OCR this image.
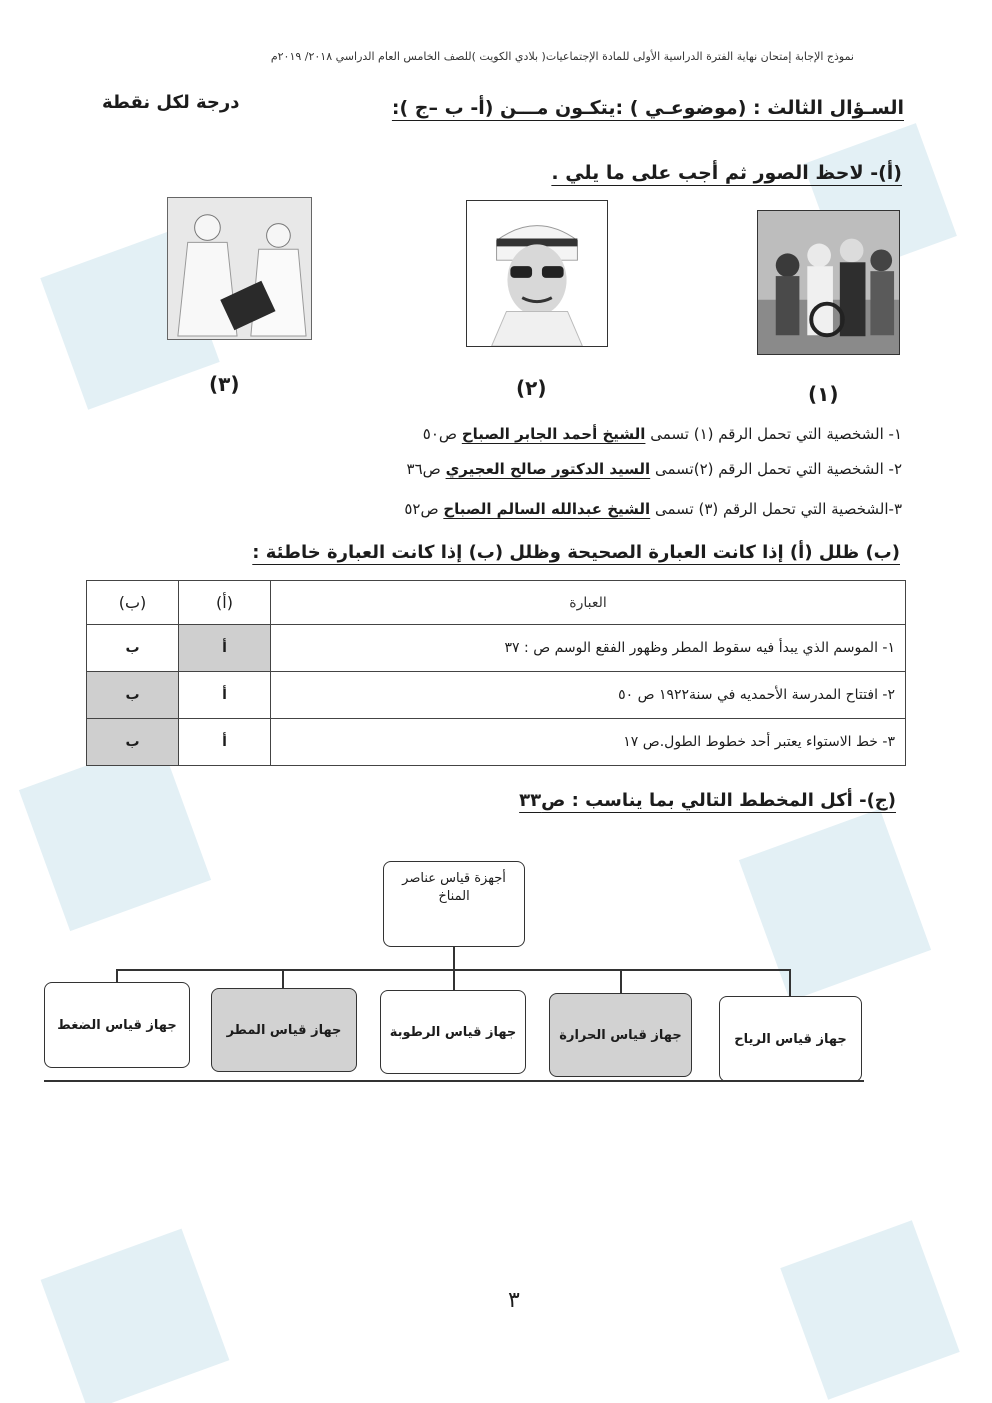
نموذج الإجابة إمتحان نهاية الفترة الدراسية الأولى للمادة الإجتماعيات( بلادي الكويت )للصف الخامس العام الدراسي ٢٠١٨/ ٢٠١٩م
السـؤال الثالث : (موضوعـي ) :يتكـون مـــن (أ- ب –ج ):
درجة لكل نقطة
(أ)- لاحظ الصور ثم أجب على ما يلي .
(١)
(٢)
(٣)
١- الشخصية التي تحمل الرقم (١) تسمى الشيخ أحمد الجابر الصباح ص٥٠
٢- الشخصية التي تحمل الرقم (٢)تسمى السيد الدكتور صالح العجيري ص٣٦
٣-الشخصية التي تحمل الرقم (٣) تسمى الشيخ عبدالله السالم الصباح ص٥٢
(ب) ظلل (أ) إذا كانت العبارة الصحيحة وظلل (ب) إذا كانت العبارة خاطئة :
العبارة	(أ)	(ب)
١- الموسم الذي يبدأ فيه سقوط المطر وظهور الفقع الوسم ص : ٣٧	أ	ب
٢- افتتاح المدرسة الأحمديه في سنة١٩٢٢ ص ٥٠	أ	ب
٣- خط الاستواء يعتبر أحد خطوط الطول.ص ١٧	أ	ب
(ج)- أكل المخطط التالي بما يناسب : ص٣٣
أجهزة قياس عناصر المناخ
جهاز قياس الرياح
جهاز قياس الحرارة
جهاز قياس الرطوبة
جهاز قياس المطر
جهاز قياس الضغط
٣
